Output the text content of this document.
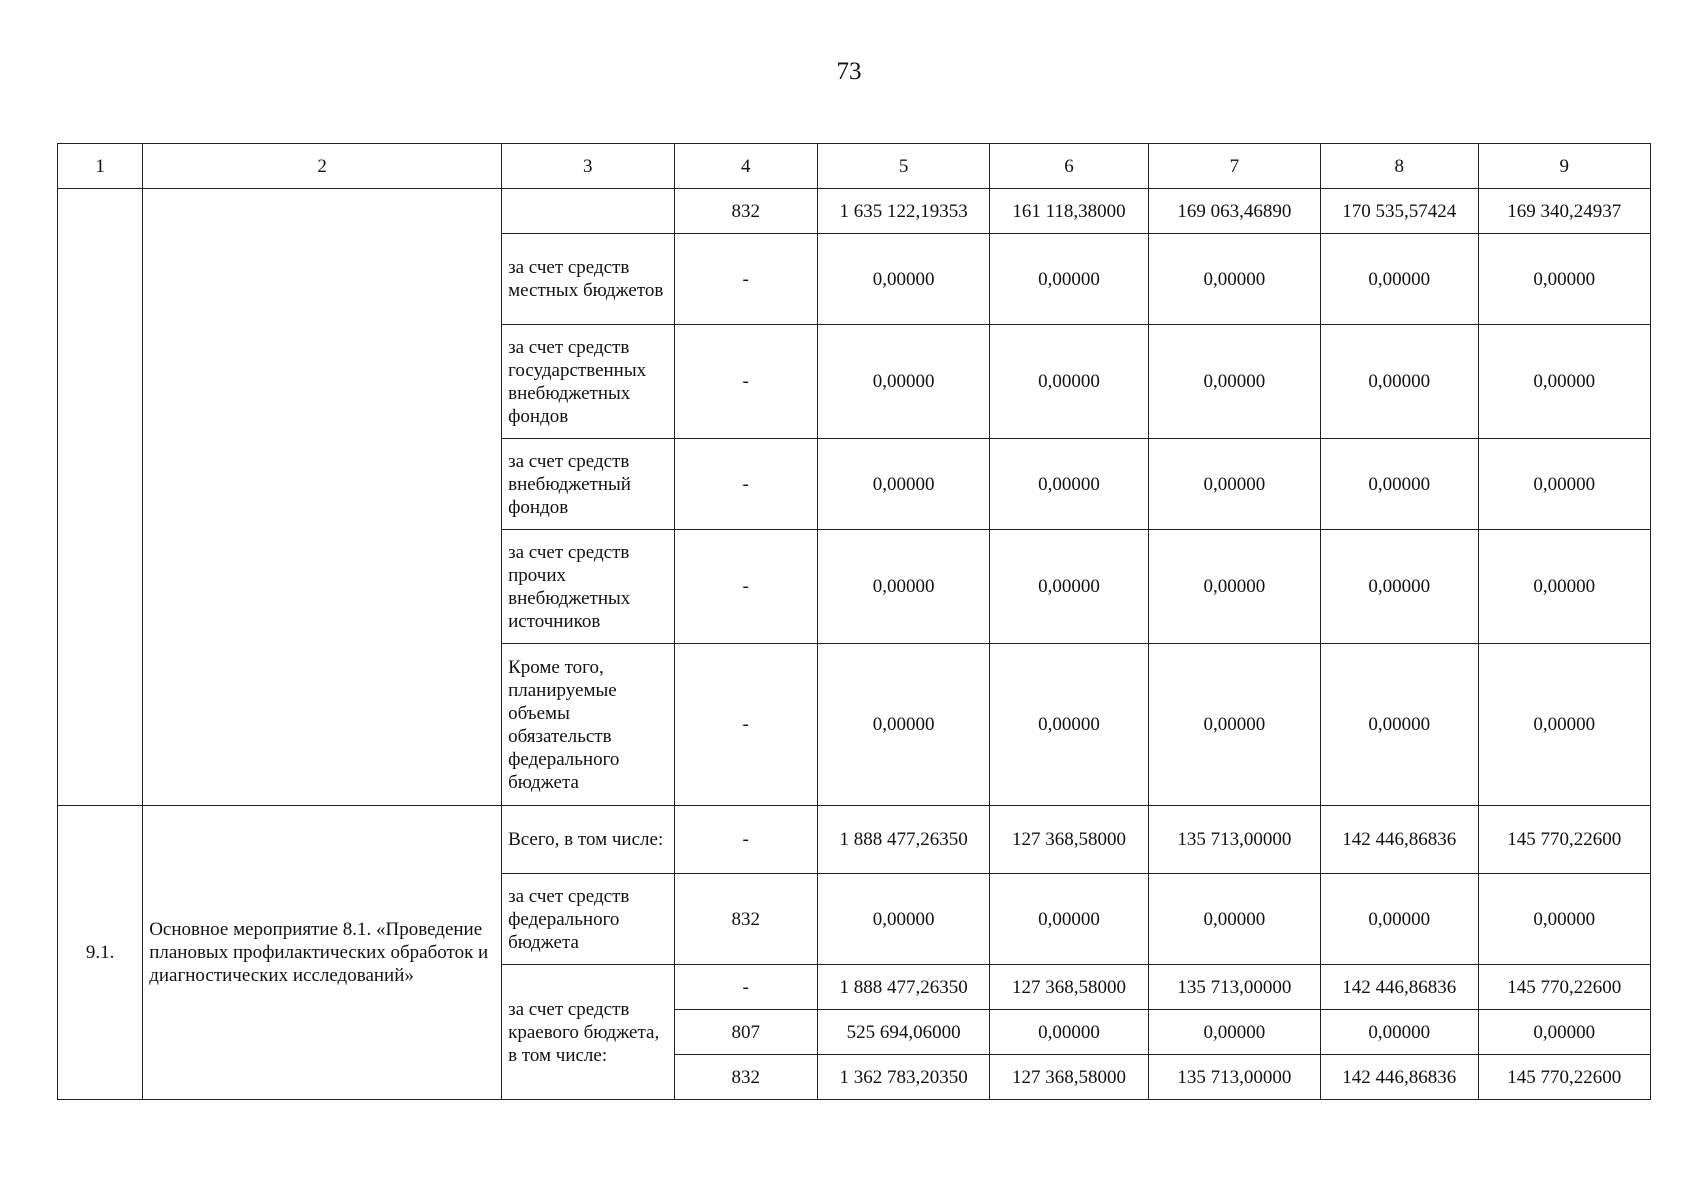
73
1	2	3	4	5	6	7	8	9
			832	1 635 122,19353	161 118,38000	169 063,46890	170 535,57424	169 340,24937
		за счет средств местных бюджетов	-	0,00000	0,00000	0,00000	0,00000	0,00000
		за счет средств государственных внебюджетных фондов	-	0,00000	0,00000	0,00000	0,00000	0,00000
		за счет средств внебюджетный фондов	-	0,00000	0,00000	0,00000	0,00000	0,00000
		за счет средств прочих внебюджетных источников	-	0,00000	0,00000	0,00000	0,00000	0,00000
		Кроме того, планируемые объемы обязательств федерального бюджета	-	0,00000	0,00000	0,00000	0,00000	0,00000
9.1.	Основное мероприятие 8.1. «Проведение плановых профилактических обработок и диагностических исследований»	Всего, в том числе:	-	1 888 477,26350	127 368,58000	135 713,00000	142 446,86836	145 770,22600
		за счет средств федерального бюджета	832	0,00000	0,00000	0,00000	0,00000	0,00000
		за счет средств краевого бюджета, в том числе:	-	1 888 477,26350	127 368,58000	135 713,00000	142 446,86836	145 770,22600
			807	525 694,06000	0,00000	0,00000	0,00000	0,00000
			832	1 362 783,20350	127 368,58000	135 713,00000	142 446,86836	145 770,22600
